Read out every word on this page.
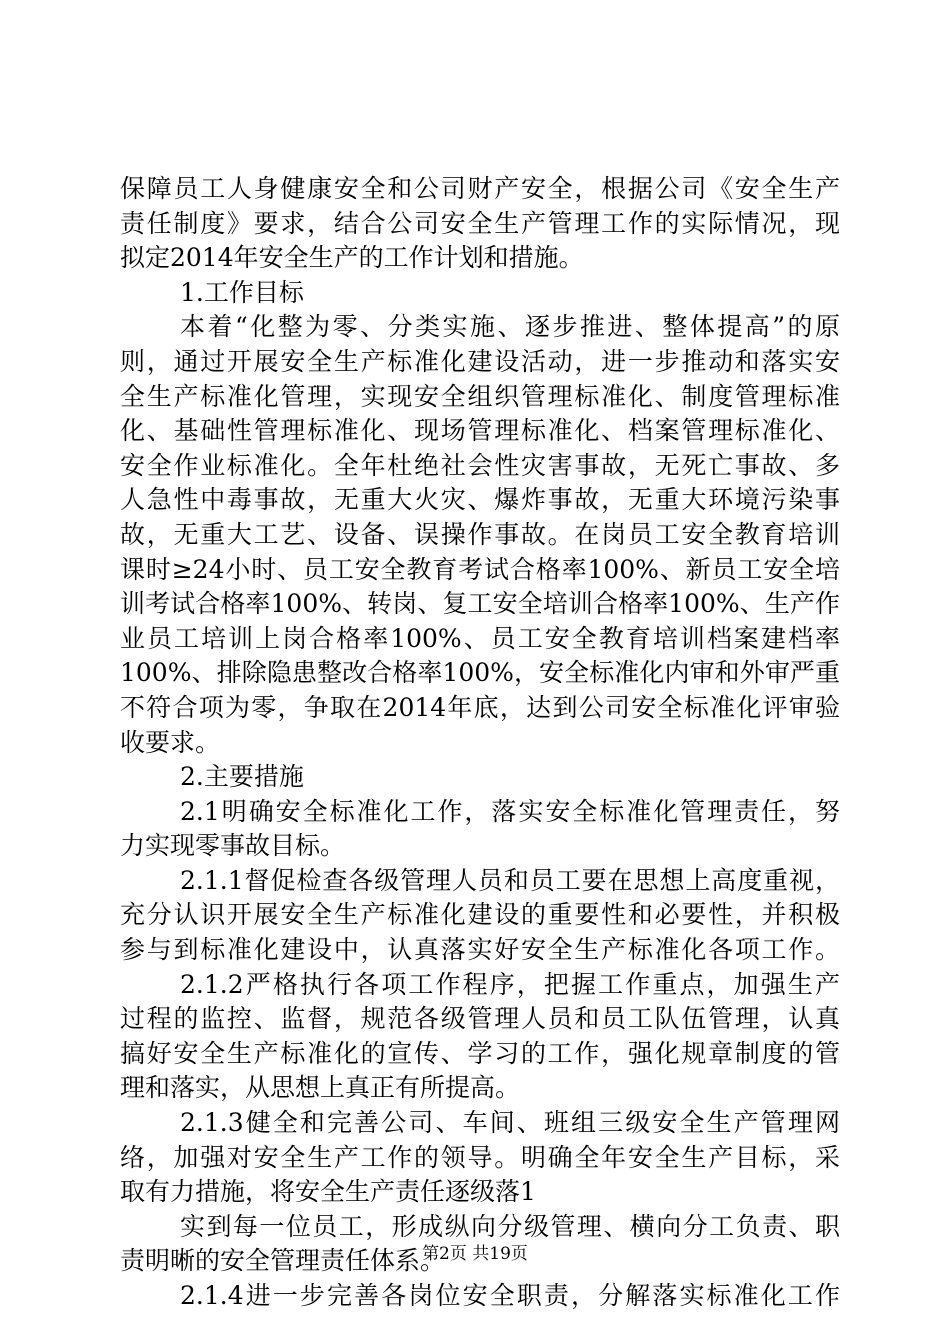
保障员工人身健康安全和公司财产安全，根据公司《安全生产
责任制度》要求，结合公司安全生产管理工作的实际情况，现
拟定2014年安全生产的工作计划和措施。
1.工作目标
本着“化整为零、分类实施、逐步推进、整体提高”的原
则，通过开展安全生产标准化建设活动，进一步推动和落实安
全生产标准化管理，实现安全组织管理标准化、制度管理标准
化、基础性管理标准化、现场管理标准化、档案管理标准化、
安全作业标准化。全年杜绝社会性灾害事故，无死亡事故、多
人急性中毒事故，无重大火灾、爆炸事故，无重大环境污染事
故，无重大工艺、设备、误操作事故。在岗员工安全教育培训
课时≥24小时、员工安全教育考试合格率100%、新员工安全培
训考试合格率100%、转岗、复工安全培训合格率100%、生产作
业员工培训上岗合格率100%、员工安全教育培训档案建档率
100%、排除隐患整改合格率100%，安全标准化内审和外审严重
不符合项为零，争取在2014年底，达到公司安全标准化评审验
收要求。
2.主要措施
2.1明确安全标准化工作，落实安全标准化管理责任，努
力实现零事故目标。
2.1.1督促检查各级管理人员和员工要在思想上高度重视，
充分认识开展安全生产标准化建设的重要性和必要性，并积极
参与到标准化建设中，认真落实好安全生产标准化各项工作。
2.1.2严格执行各项工作程序，把握工作重点，加强生产
过程的监控、监督，规范各级管理人员和员工队伍管理，认真
搞好安全生产标准化的宣传、学习的工作，强化规章制度的管
理和落实，从思想上真正有所提高。
2.1.3健全和完善公司、车间、班组三级安全生产管理网
络，加强对安全生产工作的领导。明确全年安全生产目标，采
取有力措施，将安全生产责任逐级落1
实到每一位员工，形成纵向分级管理、横向分工负责、职
责明晰的安全管理责任体系。
2.1.4进一步完善各岗位安全职责，分解落实标准化工作
第2页 共19页
